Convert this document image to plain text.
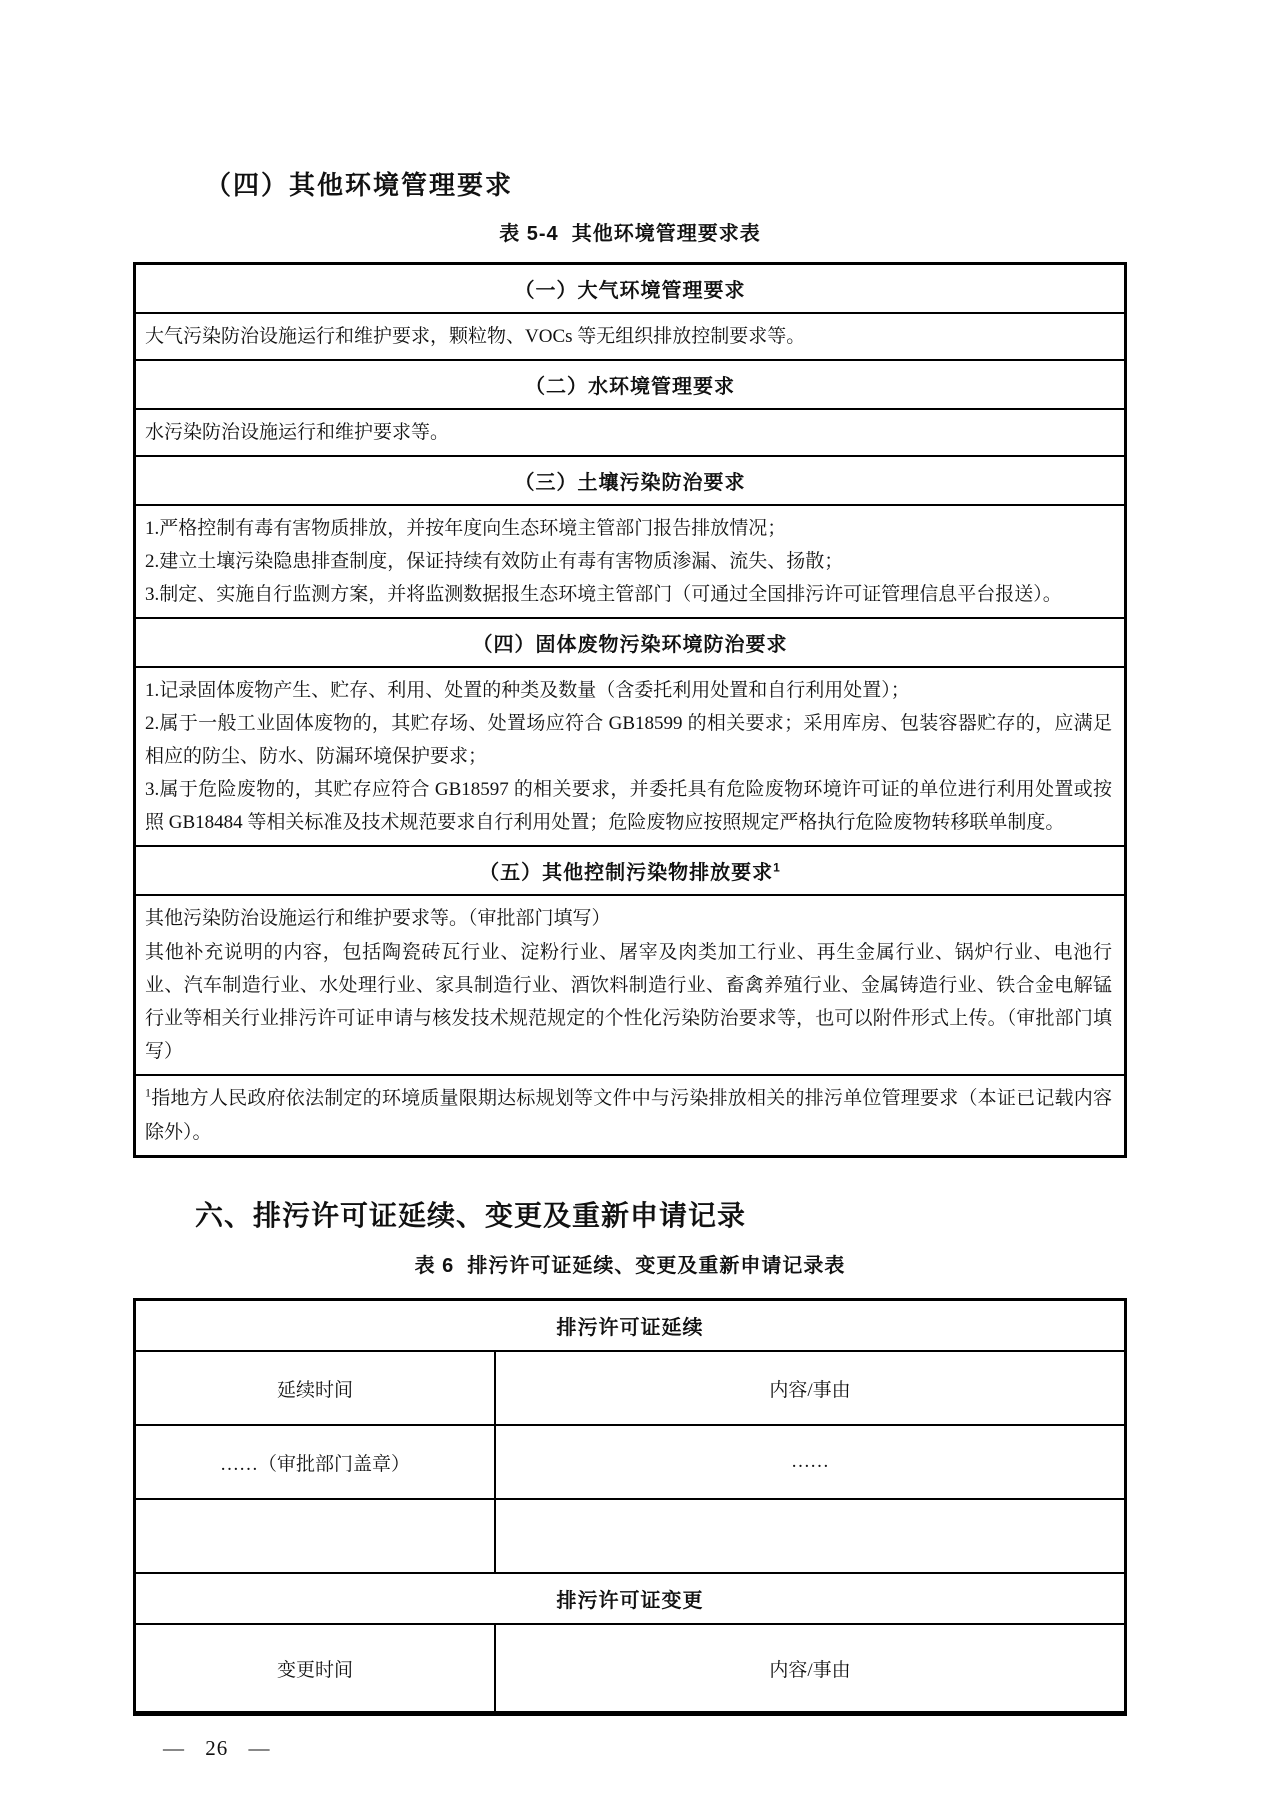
（四）其他环境管理要求
表 5-4  其他环境管理要求表
（一）大气环境管理要求

大气污染防治设施运行和维护要求，颗粒物、VOCs 等无组织排放控制要求等。

（二）水环境管理要求

水污染防治设施运行和维护要求等。

（三）土壤污染防治要求

1.严格控制有毒有害物质排放，并按年度向生态环境主管部门报告排放情况；

2.建立土壤污染隐患排查制度，保证持续有效防止有毒有害物质渗漏、流失、扬散；

3.制定、实施自行监测方案，并将监测数据报生态环境主管部门（可通过全国排污许可证管理信息平台报送）。

（四）固体废物污染环境防治要求

1.记录固体废物产生、贮存、利用、处置的种类及数量（含委托利用处置和自行利用处置）；

2.属于一般工业固体废物的，其贮存场、处置场应符合 GB18599 的相关要求；采用库房、包装容器贮存的，应满足相应的防尘、防水、防漏环境保护要求；

3.属于危险废物的，其贮存应符合 GB18597 的相关要求，并委托具有危险废物环境许可证的单位进行利用处置或按照 GB18484 等相关标准及技术规范要求自行利用处置；危险废物应按照规定严格执行危险废物转移联单制度。

（五）其他控制污染物排放要求$^1$

其他污染防治设施运行和维护要求等。（审批部门填写）

其他补充说明的内容，包括陶瓷砖瓦行业、淀粉行业、屠宰及肉类加工行业、再生金属行业、锅炉行业、电池行业、汽车制造行业、水处理行业、家具制造行业、酒饮料制造行业、畜禽养殖行业、金属铸造行业、铁合金电解锰行业等相关行业排污许可证申请与核发技术规范规定的个性化污染防治要求等，也可以附件形式上传。（审批部门填写）

$^1$指地方人民政府依法制定的环境质量限期达标规划等文件中与污染排放相关的排污单位管理要求（本证已记载内容除外）。
六、排污许可证延续、变更及重新申请记录
表 6  排污许可证延续、变更及重新申请记录表
排污许可证延续
延续时间	内容/事由
……（审批部门盖章）	……
排污许可证变更
变更时间	内容/事由
— 26 —
